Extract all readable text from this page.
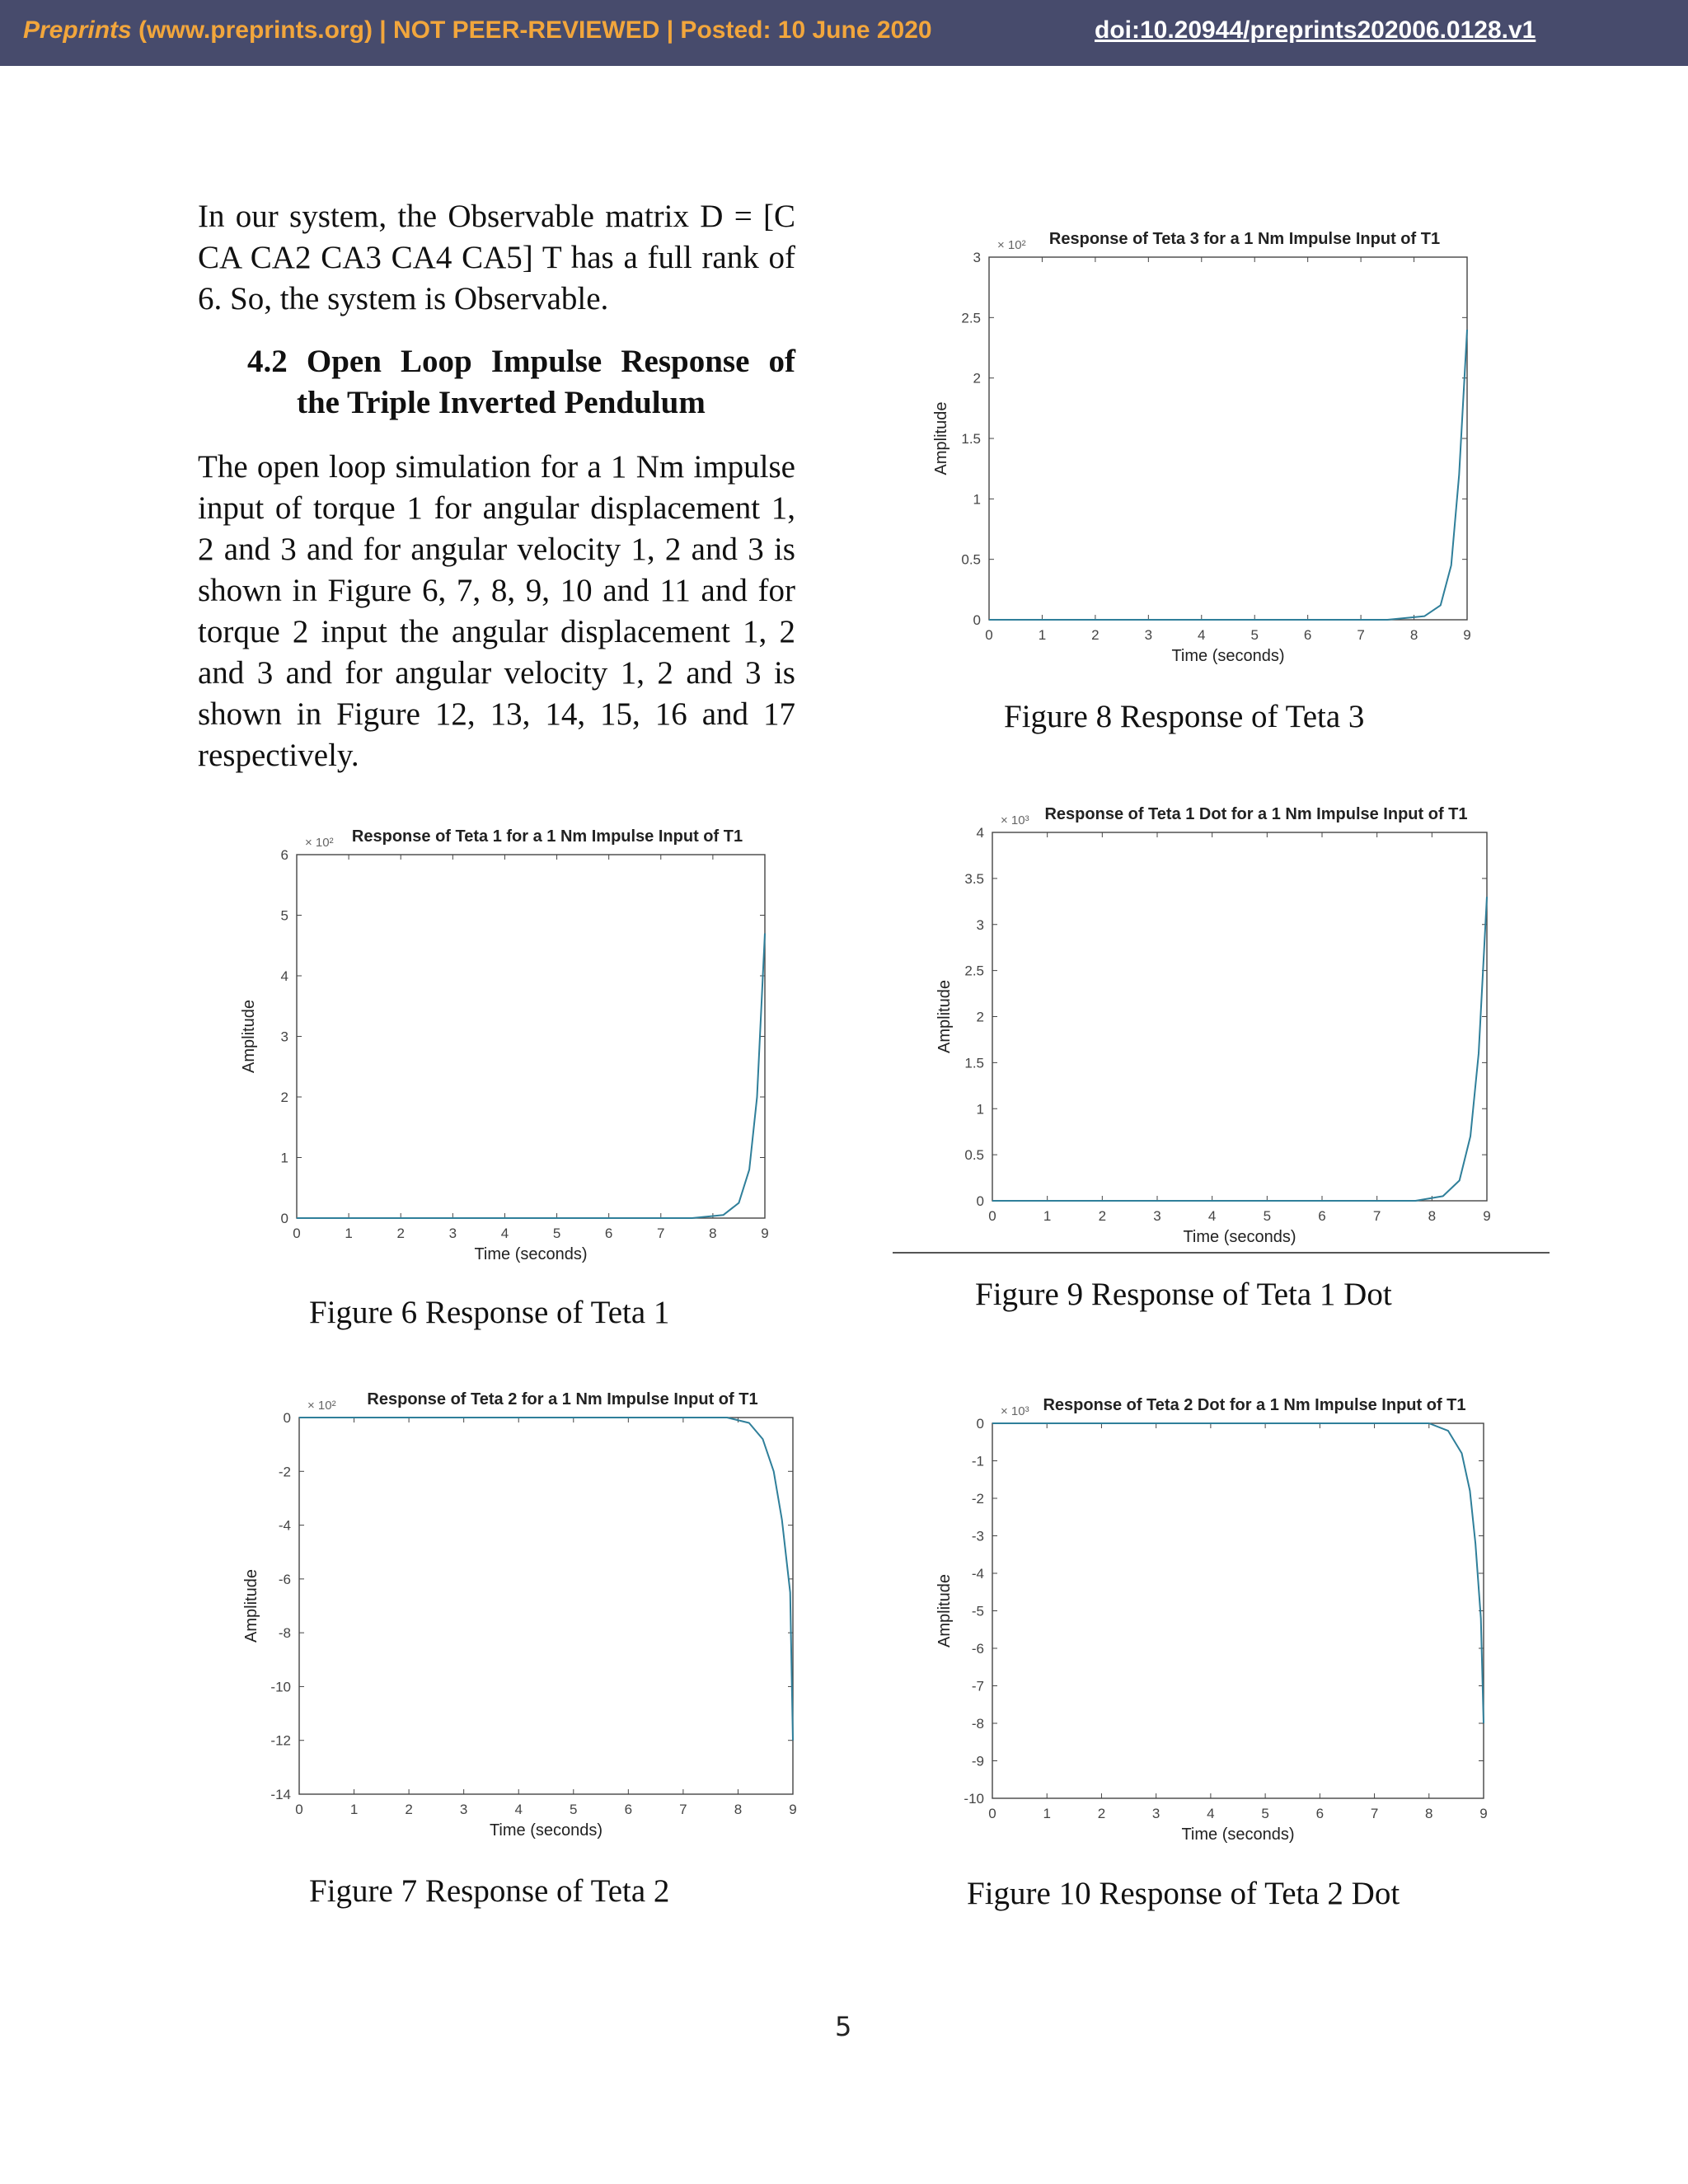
Preprints (www.preprints.org) | NOT PEER-REVIEWED | Posted: 10 June 2020	doi:10.20944/preprints202006.0128.v1
In our system, the Observable matrix D = [C CA CA2 CA3 CA4 CA5] T has a full rank of 6. So, the system is Observable.
4.2 Open Loop Impulse Response of
the Triple Inverted Pendulum
The open loop simulation for a 1 Nm impulse input of torque 1 for angular displacement 1, 2 and 3 and for angular velocity 1, 2 and 3 is shown in Figure 6, 7, 8, 9, 10 and 11 and for torque 2 input the angular displacement 1, 2 and 3 and for angular velocity 1, 2 and 3 is shown in Figure 12, 13, 14, 15, 16 and 17 respectively.
0	1	2	3	4	5	6	7	8	9
0
0.5
1
1.5
2
2.5
3
× 10² Response of Teta 3 for a 1 Nm Impulse Input of T1
Time (seconds)
Amplitude
Figure 8 Response of Teta 3
0	1	2	3	4	5	6	7	8	9
0
1
2
3
4
5
6
× 10² Response of Teta 1 for a 1 Nm Impulse Input of T1
Time (seconds)
Amplitude
Figure 6 Response of Teta 1
0	1	2	3	4	5	6	7	8	9
0
0.5
1
1.5
2
2.5
3
3.5
4
× 10³ Response of Teta 1 Dot for a 1 Nm Impulse Input of T1
Time (seconds)
Amplitude
Figure 9 Response of Teta 1 Dot
0	1	2	3	4	5	6	7	8	9
-14
-12
-10
-8
-6
-4
-2
0
× 10² Response of Teta 2 for a 1 Nm Impulse Input of T1
Time (seconds)
Amplitude
Figure 7 Response of Teta 2
0	1	2	3	4	5	6	7	8	9
-10
-9
-8
-7
-6
-5
-4
-3
-2
-1
0
× 10³ Response of Teta 2 Dot for a 1 Nm Impulse Input of T1
Time (seconds)
Amplitude
Figure 10 Response of Teta 2 Dot
5
